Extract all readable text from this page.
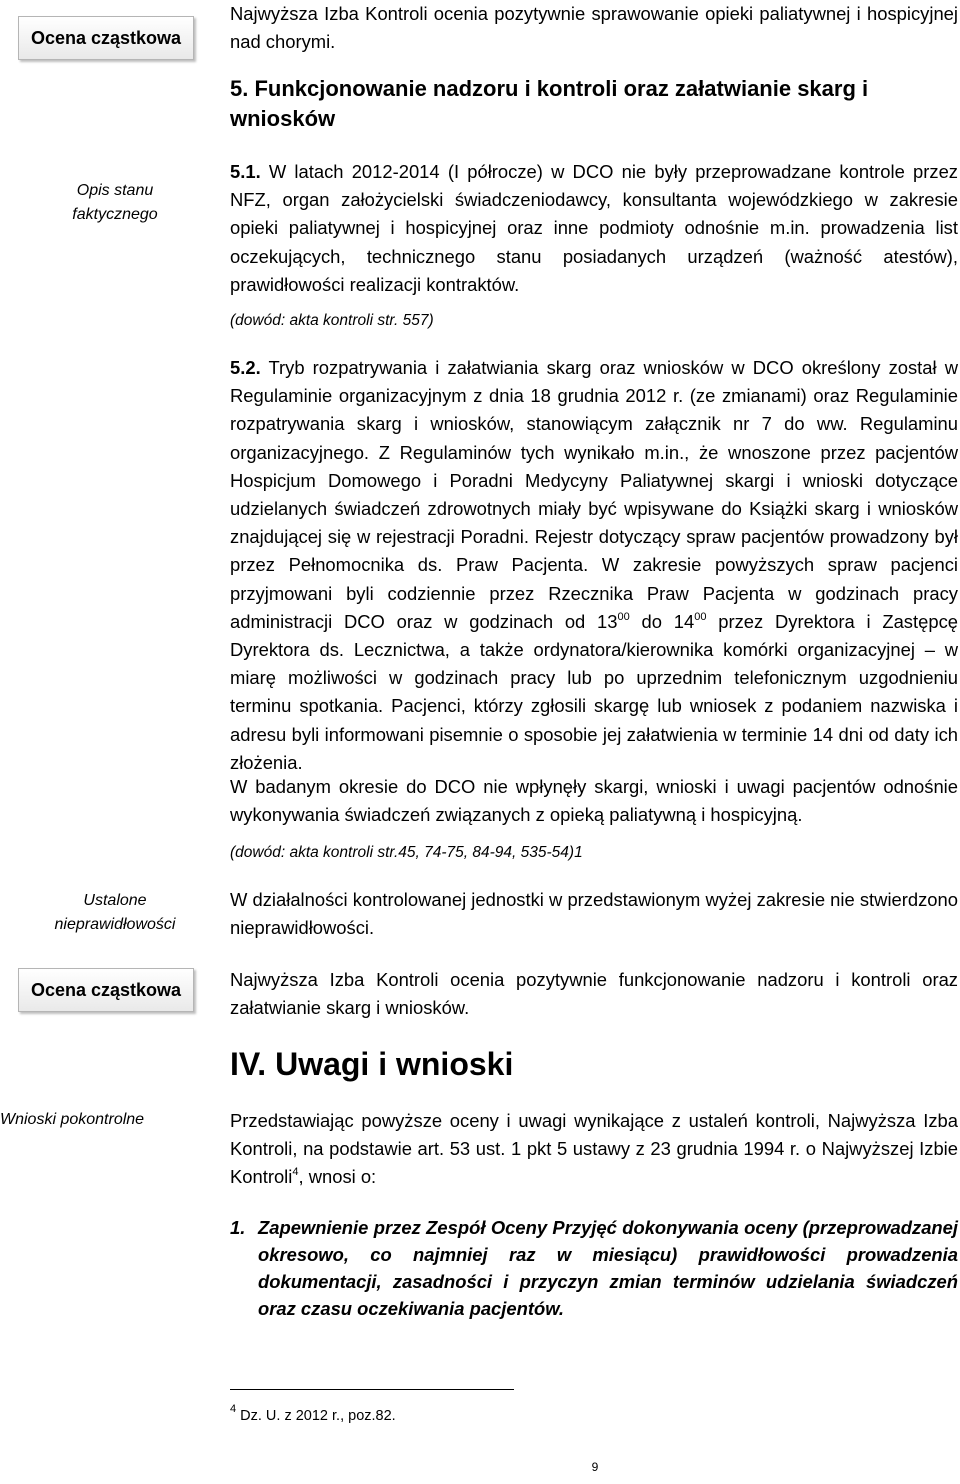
Ocena cząstkowa
Opis stanu
faktycznego
Ustalone
nieprawidłowości
Ocena cząstkowa
Wnioski pokontrolne

Najwyższa Izba Kontroli ocenia pozytywnie sprawowanie opieki paliatywnej i hospicyjnej nad chorymi.

5. Funkcjonowanie nadzoru i kontroli oraz załatwianie skarg i wniosków

5.1. W latach 2012-2014 (I półrocze) w DCO nie były przeprowadzane kontrole przez NFZ, organ założycielski świadczeniodawcy, konsultanta wojewódzkiego w zakresie opieki paliatywnej i hospicyjnej oraz inne podmioty odnośnie m.in. prowadzenia list oczekujących, technicznego stanu posiadanych urządzeń (ważność atestów), prawidłowości realizacji kontraktów.

(dowód: akta kontroli str. 557)

5.2. Tryb rozpatrywania i załatwiania skarg oraz wniosków w DCO określony został w Regulaminie organizacyjnym z dnia 18 grudnia 2012 r. (ze zmianami) oraz Regulaminie rozpatrywania skarg i wniosków, stanowiącym załącznik nr 7 do ww. Regulaminu organizacyjnego. Z Regulaminów tych wynikało m.in., że wnoszone przez pacjentów Hospicjum Domowego i Poradni Medycyny Paliatywnej skargi i wnioski dotyczące udzielanych świadczeń zdrowotnych miały być wpisywane do Książki skarg i wniosków znajdującej się w rejestracji Poradni. Rejestr dotyczący spraw pacjentów prowadzony był przez Pełnomocnika ds. Praw Pacjenta. W zakresie powyższych spraw pacjenci przyjmowani byli codziennie przez Rzecznika Praw Pacjenta w godzinach pracy administracji DCO oraz w godzinach od $13^{00}$ do $14^{00}$ przez Dyrektora i Zastępcę Dyrektora ds. Lecznictwa, a także ordynatora/kierownika komórki organizacyjnej – w miarę możliwości w godzinach pracy lub po uprzednim telefonicznym uzgodnieniu terminu spotkania. Pacjenci, którzy zgłosili skargę lub wniosek z podaniem nazwiska i adresu byli informowani pisemnie o sposobie jej załatwienia w terminie 14 dni od daty ich złożenia.

W badanym okresie do DCO nie wpłynęły skargi, wnioski i uwagi pacjentów odnośnie wykonywania świadczeń związanych z opieką paliatywną i hospicyjną.

(dowód: akta kontroli str.45, 74-75, 84-94, 535-54)1

W działalności kontrolowanej jednostki w przedstawionym wyżej zakresie nie stwierdzono nieprawidłowości.

Najwyższa Izba Kontroli ocenia pozytywnie funkcjonowanie nadzoru i kontroli oraz załatwianie skarg i wniosków.

IV. Uwagi i wnioski

Przedstawiając powyższe oceny i uwagi wynikające z ustaleń kontroli, Najwyższa Izba Kontroli, na podstawie art. 53 ust. 1 pkt 5 ustawy z 23 grudnia 1994 r. o Najwyższej Izbie Kontroli$^4$, wnosi o:

1. Zapewnienie przez Zespół Oceny Przyjęć dokonywania oceny (przeprowadzanej okresowo, co najmniej raz w miesiącu) prawidłowości prowadzenia dokumentacji, zasadności i przyczyn zmian terminów udzielania świadczeń oraz czasu oczekiwania pacjentów.
$^4$ Dz. U. z 2012 r., poz.82.
9
